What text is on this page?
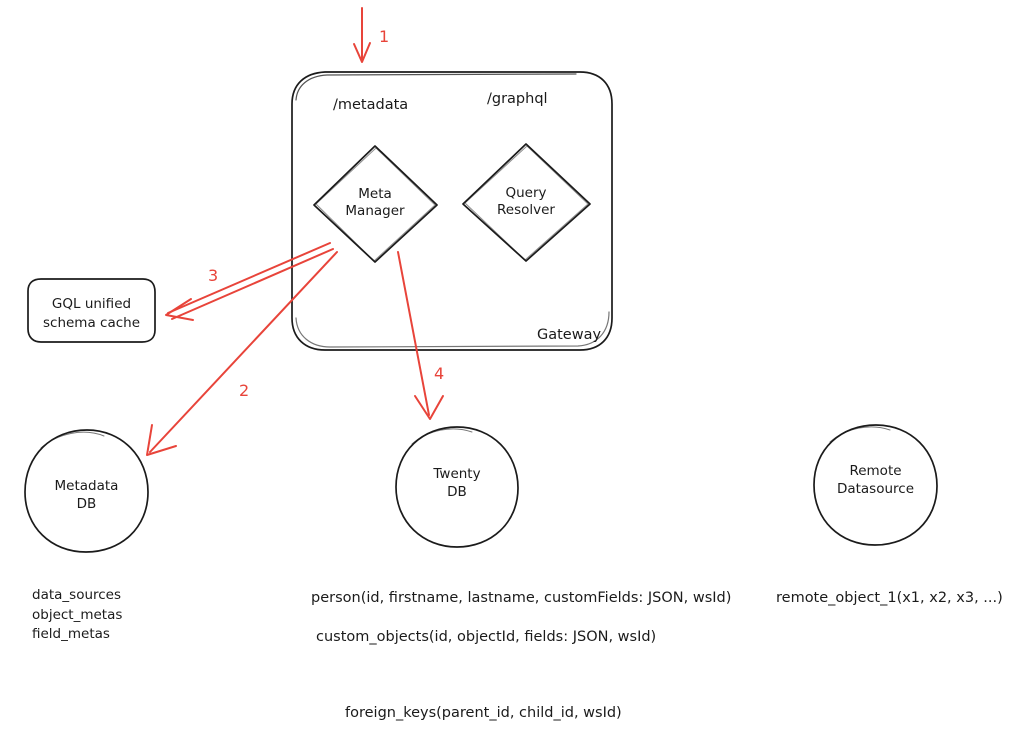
Gateway
/metadata	/graphql
Meta
Manager
Query
Resolver
GQL unified
schema cache
Metadata
DB
Twenty
DB
Remote
Datasource
1
2
3
4
data_sources
object_metas
field_metas
person(id, firstname, lastname, customFields: JSON, wsId)
custom_objects(id, objectId, fields: JSON, wsId)
remote_object_1(x1, x2, x3, ...)
foreign_keys(parent_id, child_id, wsId)
